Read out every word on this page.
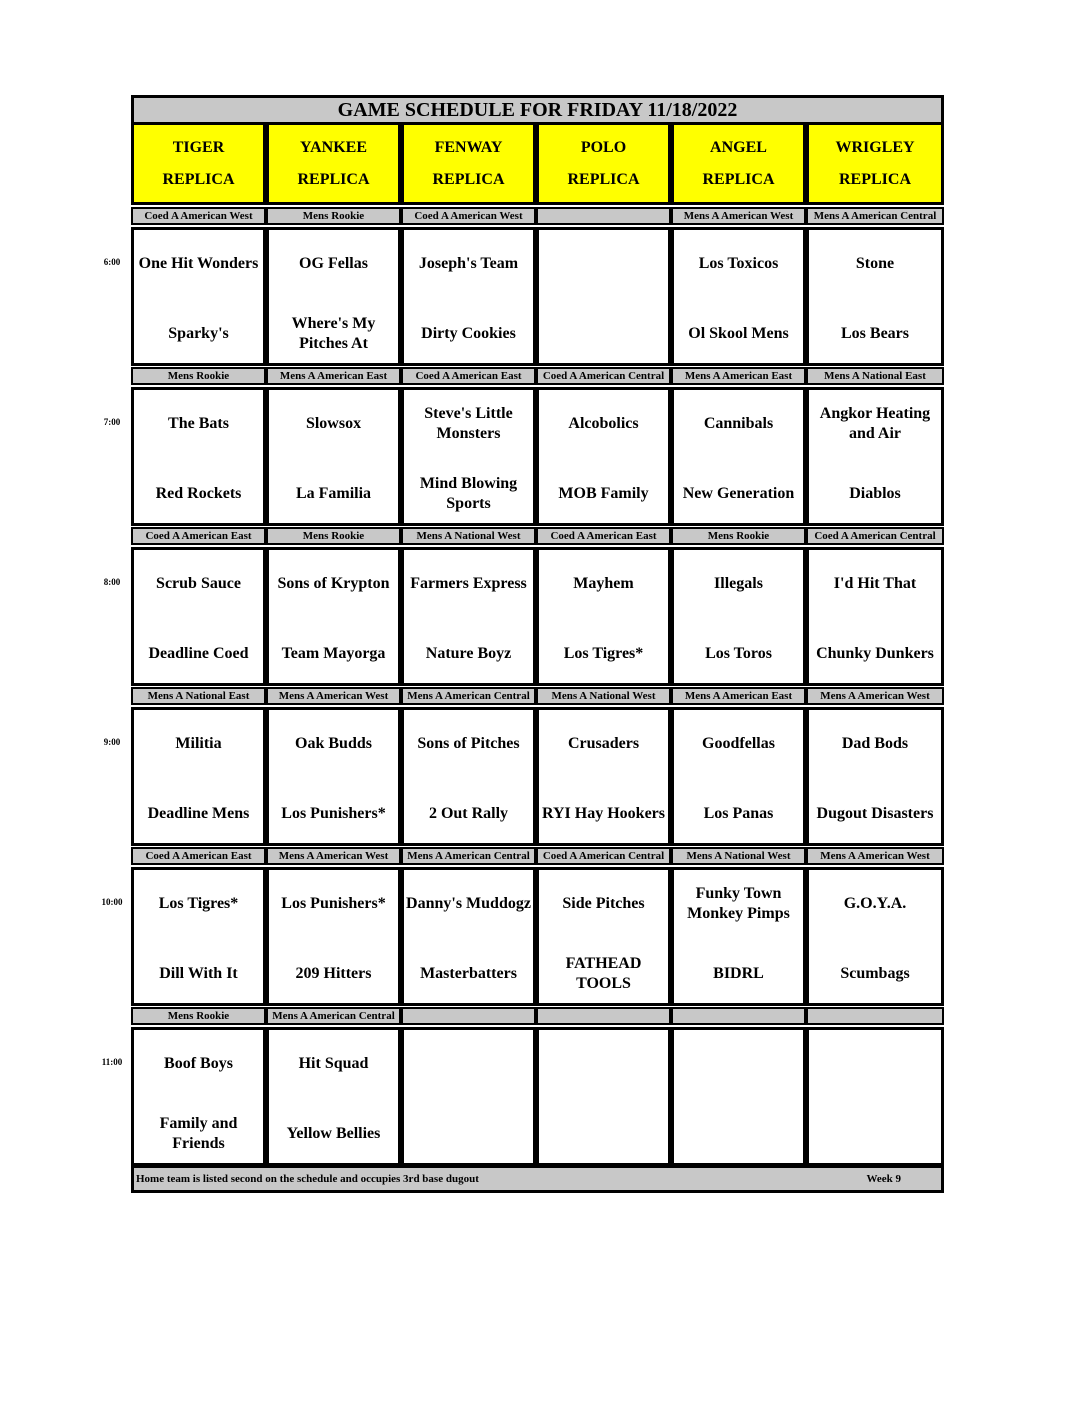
GAME SCHEDULE FOR FRIDAY 11/18/2022
TIGER
REPLICA
YANKEE
REPLICA
FENWAY
REPLICA
POLO
REPLICA
ANGEL
REPLICA
WRIGLEY
REPLICA
Coed A American West
One Hit Wonders
Sparky's
Mens Rookie
OG Fellas
Where's My Pitches At
Coed A American West
Joseph's Team
Dirty Cookies
Mens A American West
Los Toxicos
Ol Skool Mens
Mens A American Central
Stone
Los Bears
Mens Rookie
The Bats
Red Rockets
Mens A American East
Slowsox
La Familia
Coed A American East
Steve's Little Monsters
Mind Blowing Sports
Coed A American Central
Alcobolics
MOB Family
Mens A American East
Cannibals
New Generation
Mens A National East
Angkor Heating and Air
Diablos
Coed A American East
Scrub Sauce
Deadline Coed
Mens Rookie
Sons of Krypton
Team Mayorga
Mens A National West
Farmers Express
Nature Boyz
Coed A American East
Mayhem
Los Tigres*
Mens Rookie
Illegals
Los Toros
Coed A American Central
I'd Hit That
Chunky Dunkers
Mens A National East
Militia
Deadline Mens
Mens A American West
Oak Budds
Los Punishers*
Mens A American Central
Sons of Pitches
2 Out Rally
Mens A National West
Crusaders
RYI Hay Hookers
Mens A American East
Goodfellas
Los Panas
Mens A American West
Dad Bods
Dugout Disasters
Coed A American East
Los Tigres*
Dill With It
Mens A American West
Los Punishers*
209 Hitters
Mens A American Central
Danny's Muddogz
Masterbatters
Coed A American Central
Side Pitches
FATHEAD TOOLS
Mens A National West
Funky Town Monkey Pimps
BIDRL
Mens A American West
G.O.Y.A.
Scumbags
Mens Rookie
Boof Boys
Family and Friends
Mens A American Central
Hit Squad
Yellow Bellies
Home team is listed second on the schedule and occupies 3rd base dugout	Week 9
6:00
7:00
8:00
9:00
10:00
11:00
